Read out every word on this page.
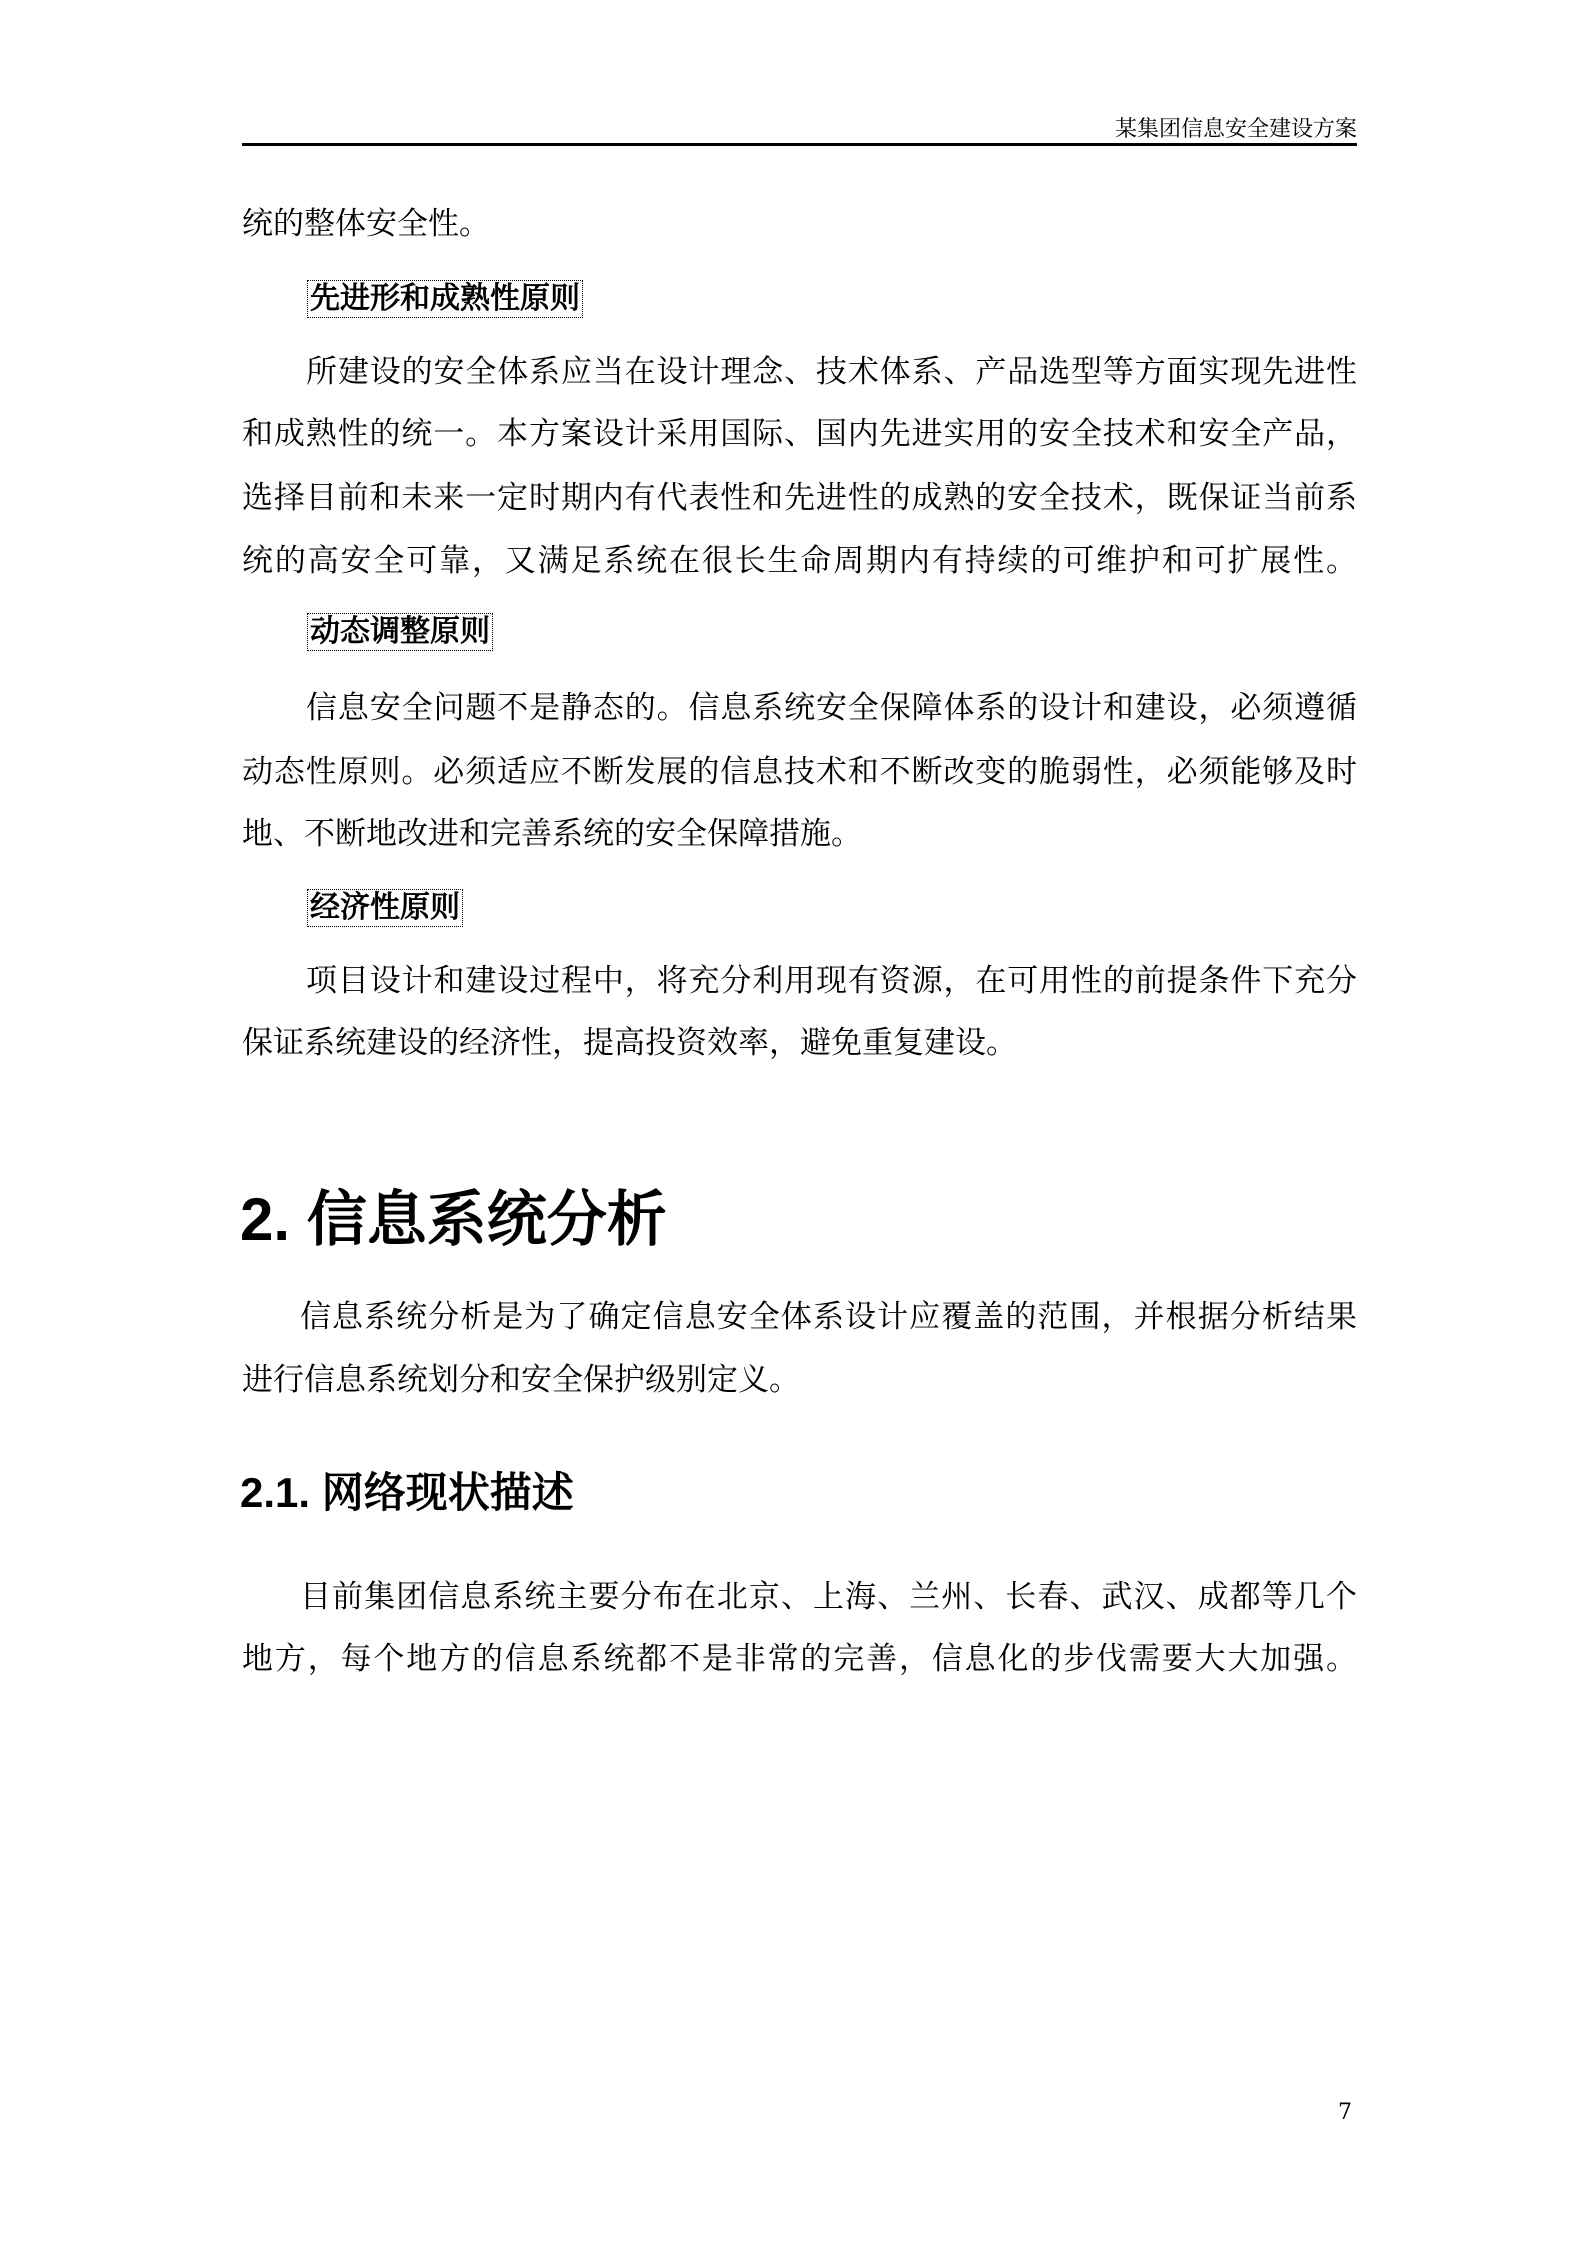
某集团信息安全建设方案
统的整体安全性。
先进形和成熟性原则
所建设的安全体系应当在设计理念、技术体系、产品选型等方面实现先进性
和成熟性的统一。本方案设计采用国际、国内先进实用的安全技术和安全产品，
选择目前和未来一定时期内有代表性和先进性的成熟的安全技术，既保证当前系
统的高安全可靠，又满足系统在很长生命周期内有持续的可维护和可扩展性。
动态调整原则
信息安全问题不是静态的。信息系统安全保障体系的设计和建设，必须遵循
动态性原则。必须适应不断发展的信息技术和不断改变的脆弱性，必须能够及时
地、不断地改进和完善系统的安全保障措施。
经济性原则
项目设计和建设过程中，将充分利用现有资源，在可用性的前提条件下充分
保证系统建设的经济性，提高投资效率，避免重复建设。
2. 信息系统分析
信息系统分析是为了确定信息安全体系设计应覆盖的范围，并根据分析结果
进行信息系统划分和安全保护级别定义。
2.1. 网络现状描述
目前集团信息系统主要分布在北京、上海、兰州、长春、武汉、成都等几个
地方，每个地方的信息系统都不是非常的完善，信息化的步伐需要大大加强。
7
